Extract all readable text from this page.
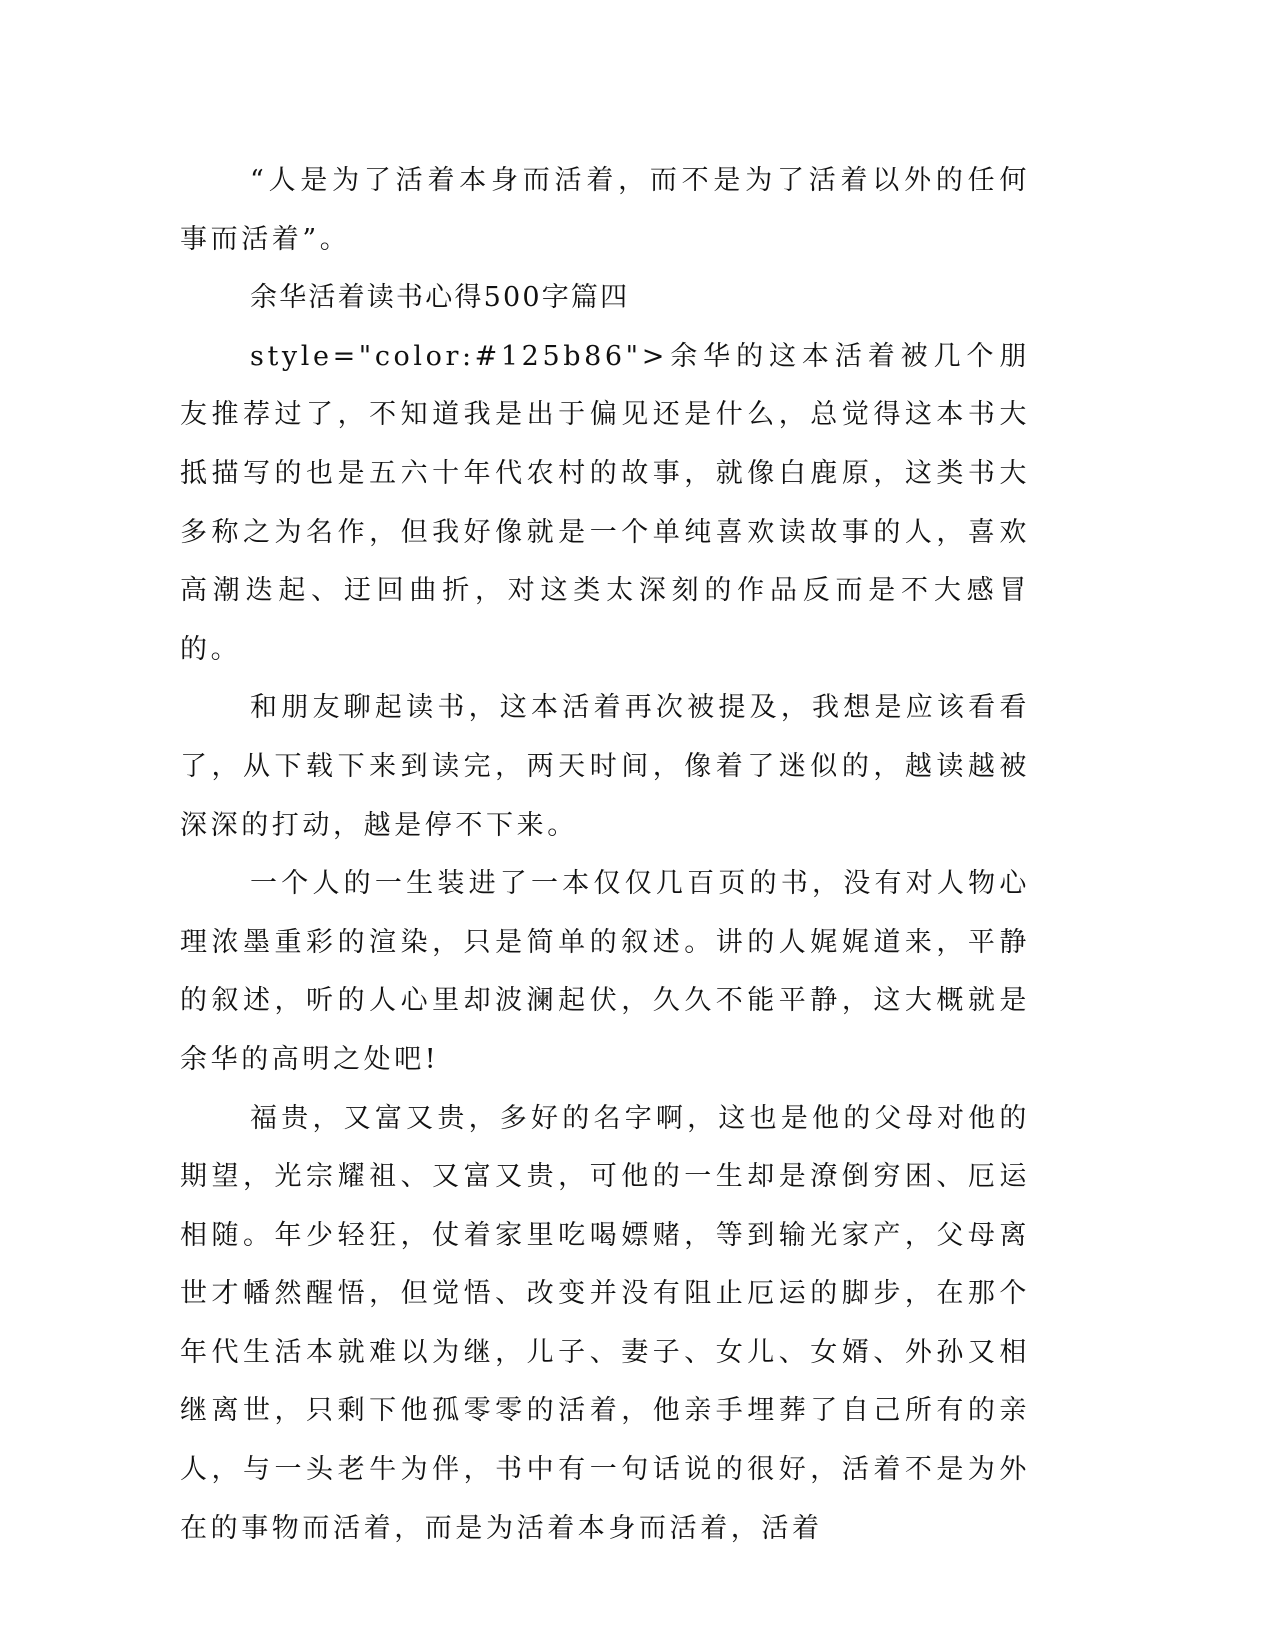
“人是为了活着本身而活着，而不是为了活着以外的任何事而活着”。

余华活着读书心得500字篇四

style="color:#125b86">余华的这本活着被几个朋友推荐过了，不知道我是出于偏见还是什么，总觉得这本书大抵描写的也是五六十年代农村的故事，就像白鹿原，这类书大多称之为名作，但我好像就是一个单纯喜欢读故事的人，喜欢高潮迭起、迂回曲折，对这类太深刻的作品反而是不大感冒的。

和朋友聊起读书，这本活着再次被提及，我想是应该看看了，从下载下来到读完，两天时间，像着了迷似的，越读越被深深的打动，越是停不下来。

一个人的一生装进了一本仅仅几百页的书，没有对人物心理浓墨重彩的渲染，只是简单的叙述。讲的人娓娓道来，平静的叙述，听的人心里却波澜起伏，久久不能平静，这大概就是余华的高明之处吧!

福贵，又富又贵，多好的名字啊，这也是他的父母对他的期望，光宗耀祖、又富又贵，可他的一生却是潦倒穷困、厄运相随。年少轻狂，仗着家里吃喝嫖赌，等到输光家产，父母离世才幡然醒悟，但觉悟、改变并没有阻止厄运的脚步，在那个年代生活本就难以为继，儿子、妻子、女儿、女婿、外孙又相继离世，只剩下他孤零零的活着，他亲手埋葬了自己所有的亲人，与一头老牛为伴，书中有一句话说的很好，活着不是为外在的事物而活着，而是为活着本身而活着，活着
